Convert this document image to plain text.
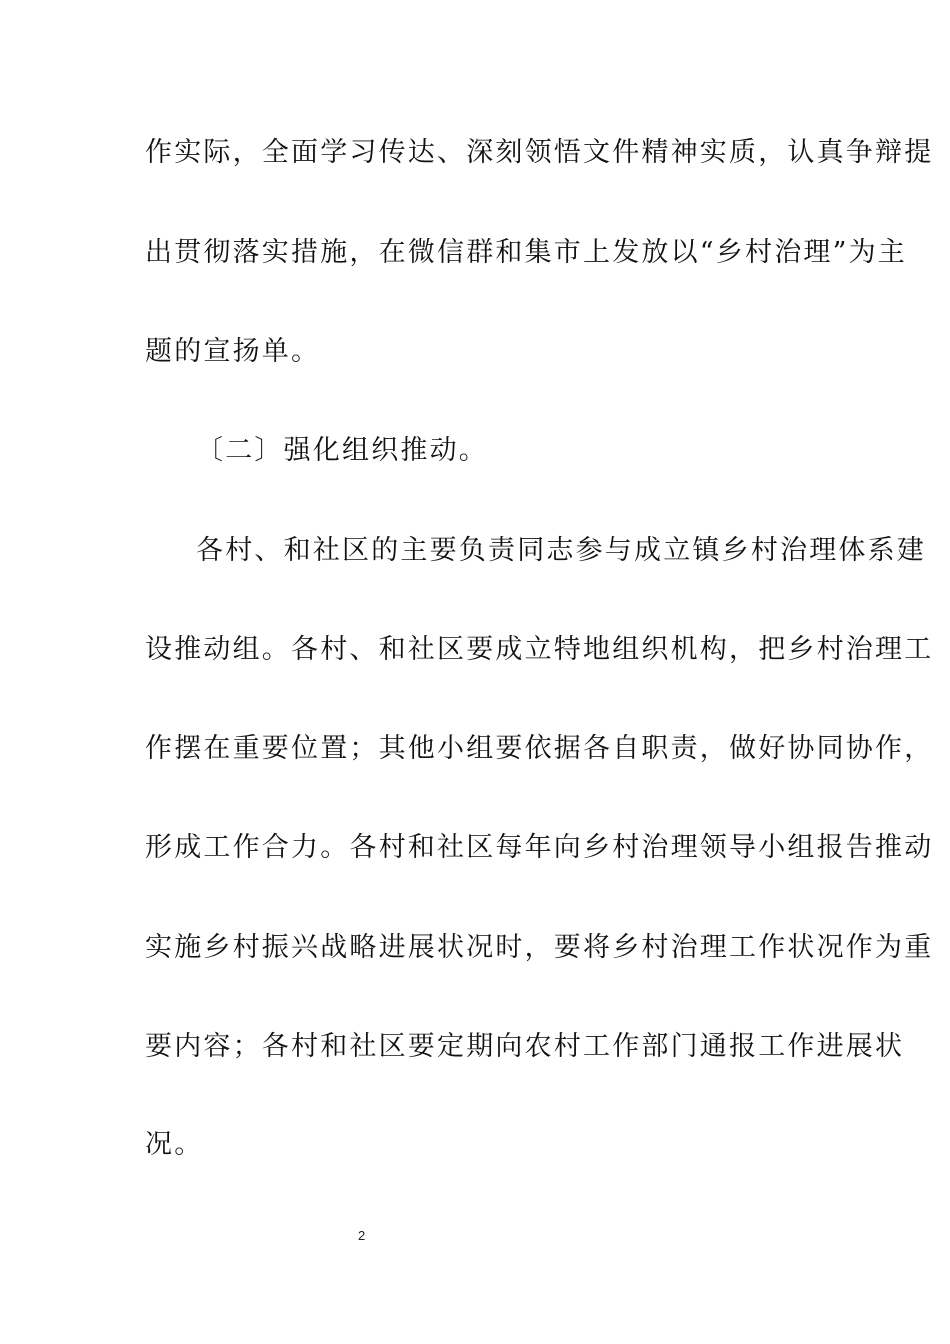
作实际，全面学习传达、深刻领悟文件精神实质，认真争辩提
出贯彻落实措施，在微信群和集市上发放以“乡村治理”为主
题的宣扬单。
〔二〕强化组织推动。
各村、和社区的主要负责同志参与成立镇乡村治理体系建
设推动组。各村、和社区要成立特地组织机构，把乡村治理工
作摆在重要位置；其他小组要依据各自职责，做好协同协作，
形成工作合力。各村和社区每年向乡村治理领导小组报告推动
实施乡村振兴战略进展状况时，要将乡村治理工作状况作为重
要内容；各村和社区要定期向农村工作部门通报工作进展状
况。
2
